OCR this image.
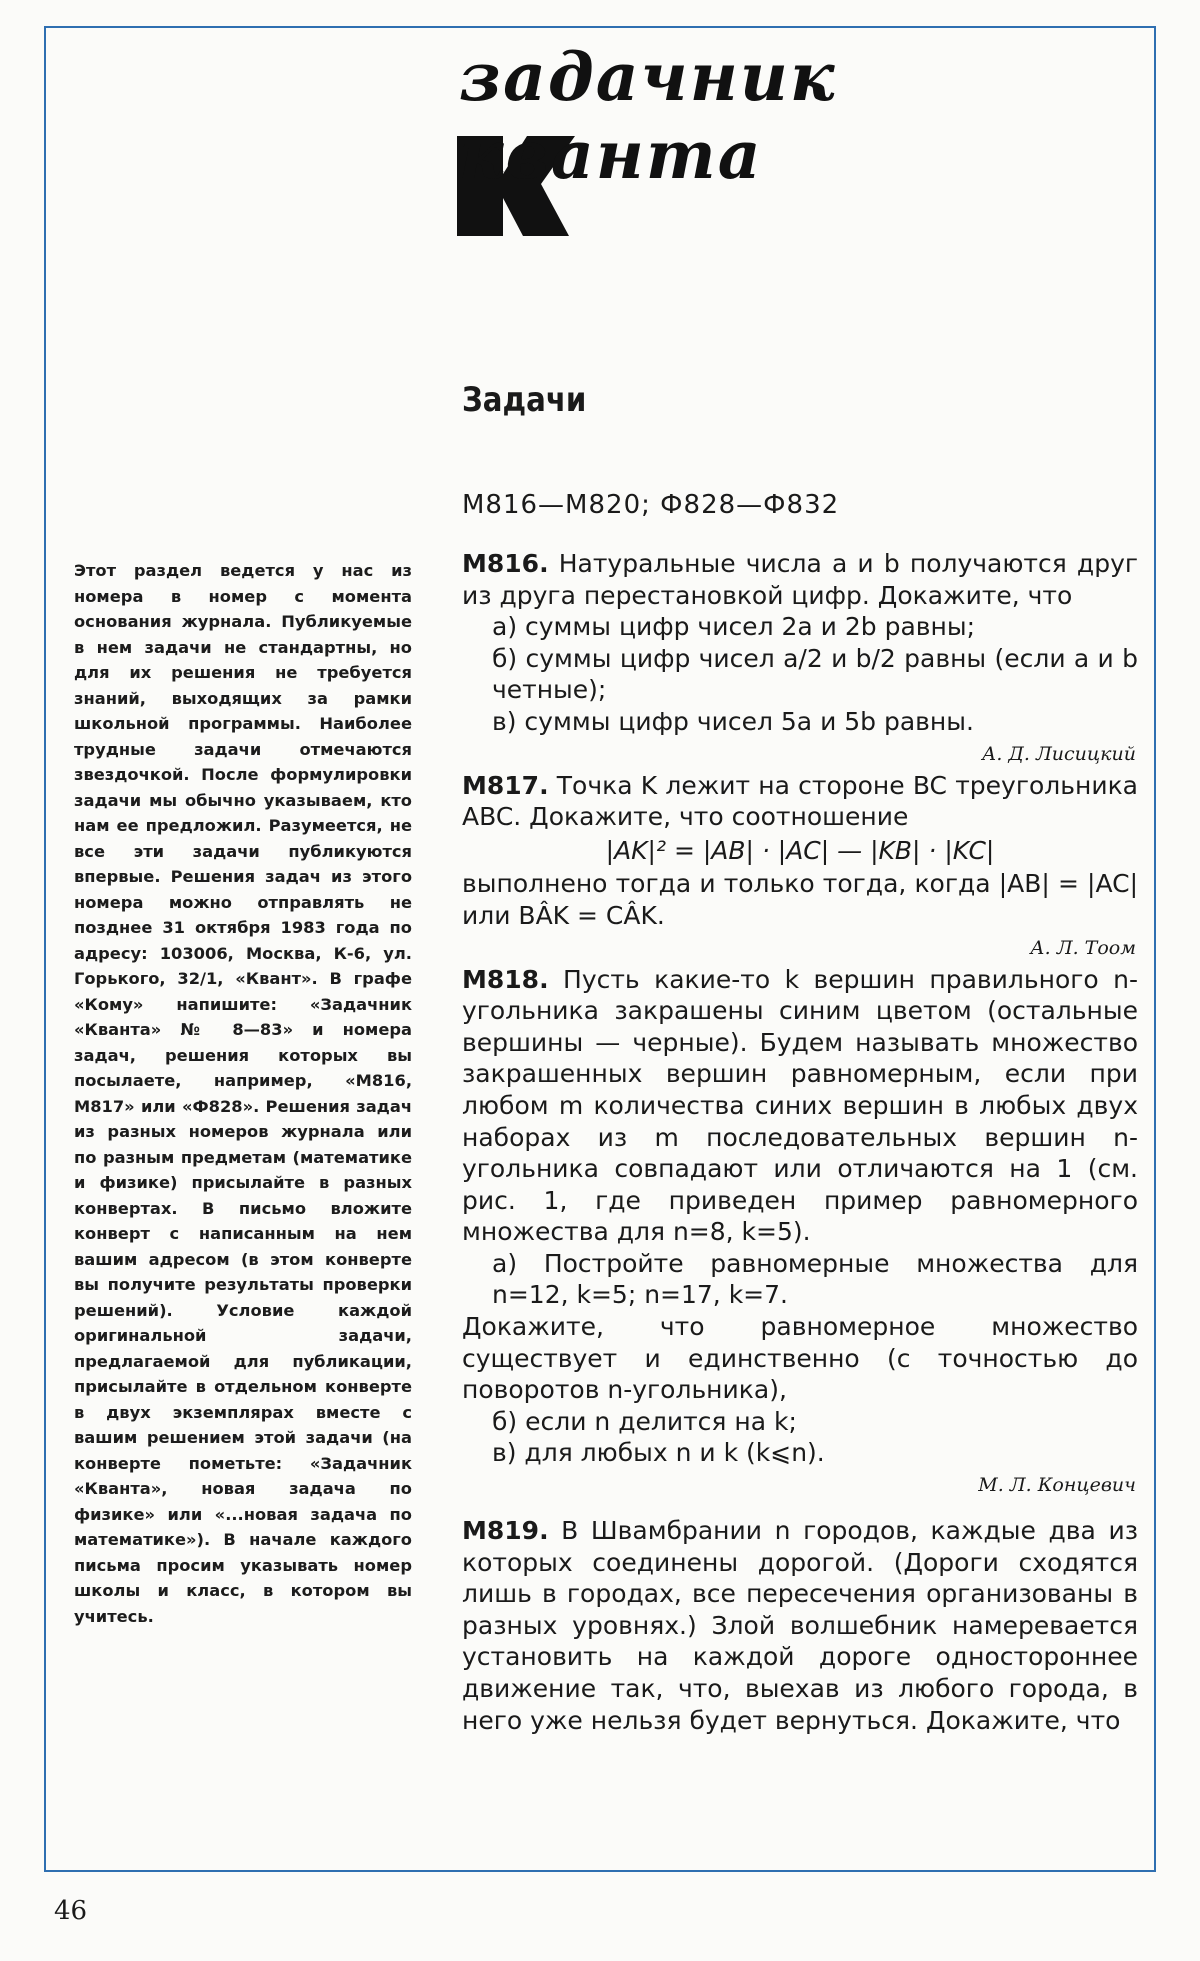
задачник
кванта
Задачи
М816—М820; Ф828—Ф832
Этот раздел ведется у нас из номера в номер с момента основания журнала. Публикуемые в нем задачи не стандартны, но для их решения не требуется знаний, выходящих за рамки школьной программы. Наиболее трудные задачи отмечаются звездочкой. После формулировки задачи мы обычно указываем, кто нам ее предложил. Разумеется, не все эти задачи публикуются впервые. Решения задач из этого номера можно отправлять не позднее 31 октября 1983 года по адресу: 103006, Москва, К-6, ул. Горького, 32/1, «Квант». В графе «Кому» напишите: «Задачник «Кванта» № 8—83» и номера задач, решения которых вы посылаете, например, «М816, М817» или «Ф828». Решения задач из разных номеров журнала или по разным предметам (математике и физике) присылайте в разных конвертах. В письмо вложите конверт с написанным на нем вашим адресом (в этом конверте вы получите результаты проверки решений). Условие каждой оригинальной задачи, предлагаемой для публикации, присылайте в отдельном конверте в двух экземплярах вместе с вашим решением этой задачи (на конверте пометьте: «Задачник «Кванта», новая задача по физике» или «...новая задача по математике»). В начале каждого письма просим указывать номер школы и класс, в котором вы учитесь.

М816. Натуральные числа a и b получаются друг из друга перестановкой цифр. Докажите, что

а) суммы цифр чисел 2a и 2b равны;

б) суммы цифр чисел a/2 и b/2 равны (если a и b четные);

в) суммы цифр чисел 5a и 5b равны.

А. Д. Лисицкий

М817. Точка K лежит на стороне BC треугольника ABC. Докажите, что соотношение

|AK|² = |AB| · |AC| — |KB| · |KC|

выполнено тогда и только тогда, когда |AB| = |AC| или BÂK = CÂK.

А. Л. Тоом

М818. Пусть какие-то k вершин правильного n-угольника закрашены синим цветом (остальные вершины — черные). Будем называть множество закрашенных вершин равномерным, если при любом m количества синих вершин в любых двух наборах из m последовательных вершин n-угольника совпадают или отличаются на 1 (см. рис. 1, где приведен пример равномерного множества для n=8, k=5).

а) Постройте равномерные множества для n=12, k=5; n=17, k=7.

Докажите, что равномерное множество существует и единственно (с точностью до поворотов n-угольника),

б) если n делится на k;

в) для любых n и k (k⩽n).

М. Л. Концевич

М819. В Швамбрании n городов, каждые два из которых соединены дорогой. (Дороги сходятся лишь в городах, все пересечения организованы в разных уровнях.) Злой волшебник намеревается установить на каждой дороге одностороннее движение так, что, выехав из любого города, в него уже нельзя будет вернуться. Докажите, что

46
